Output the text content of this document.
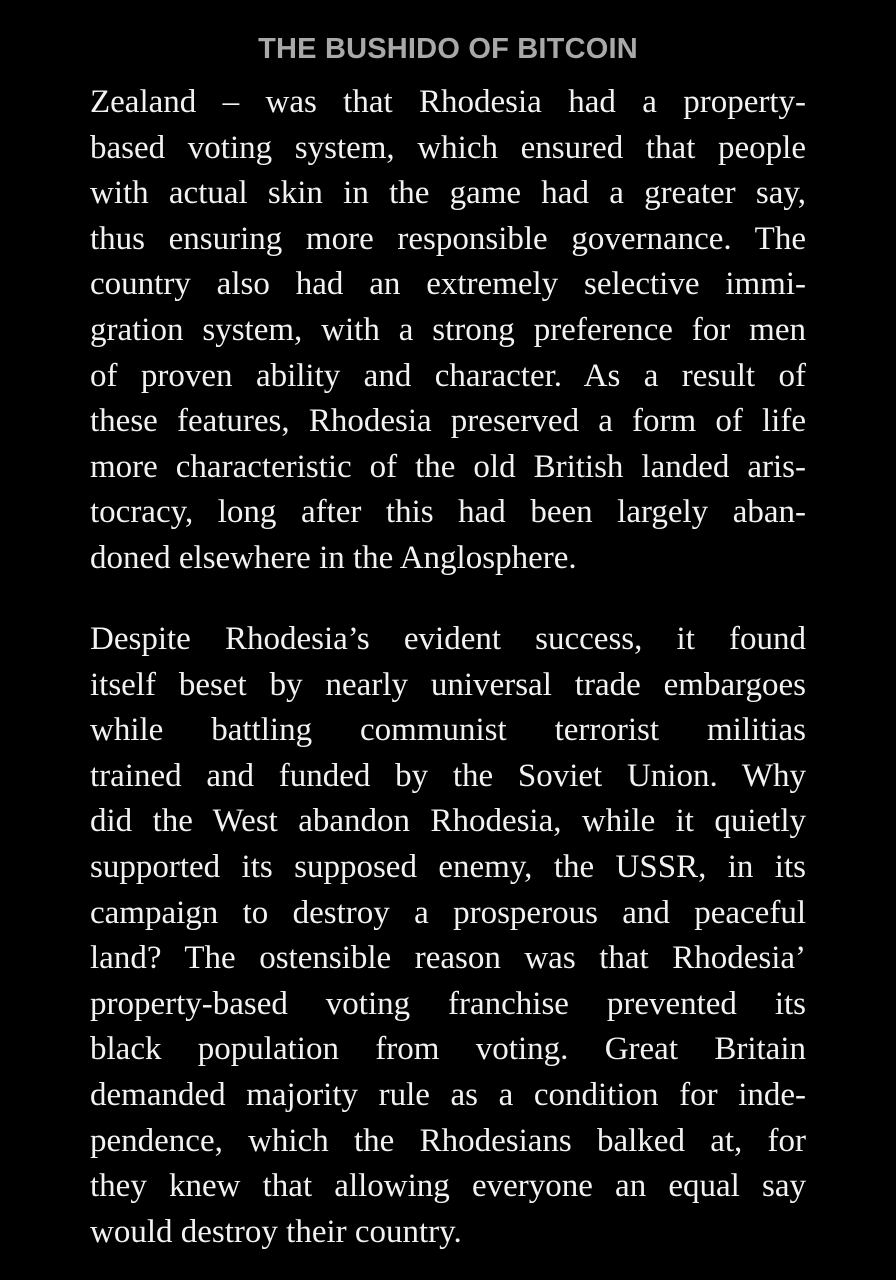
THE BUSHIDO OF BITCOIN
Zealand – was that Rhodesia had a property-
based voting system, which ensured that people
with actual skin in the game had a greater say,
thus ensuring more responsible governance. The
country also had an extremely selective immi-
gration system, with a strong preference for men
of proven ability and character. As a result of
these features, Rhodesia preserved a form of life
more characteristic of the old British landed aris-
tocracy, long after this had been largely aban-
doned elsewhere in the Anglosphere.
Despite Rhodesia’s evident success, it found
itself beset by nearly universal trade embargoes
while battling communist terrorist militias
trained and funded by the Soviet Union. Why
did the West abandon Rhodesia, while it quietly
supported its supposed enemy, the USSR, in its
campaign to destroy a prosperous and peaceful
land? The ostensible reason was that Rhodesia’
property-based voting franchise prevented its
black population from voting. Great Britain
demanded majority rule as a condition for inde-
pendence, which the Rhodesians balked at, for
they knew that allowing everyone an equal say
would destroy their country.
